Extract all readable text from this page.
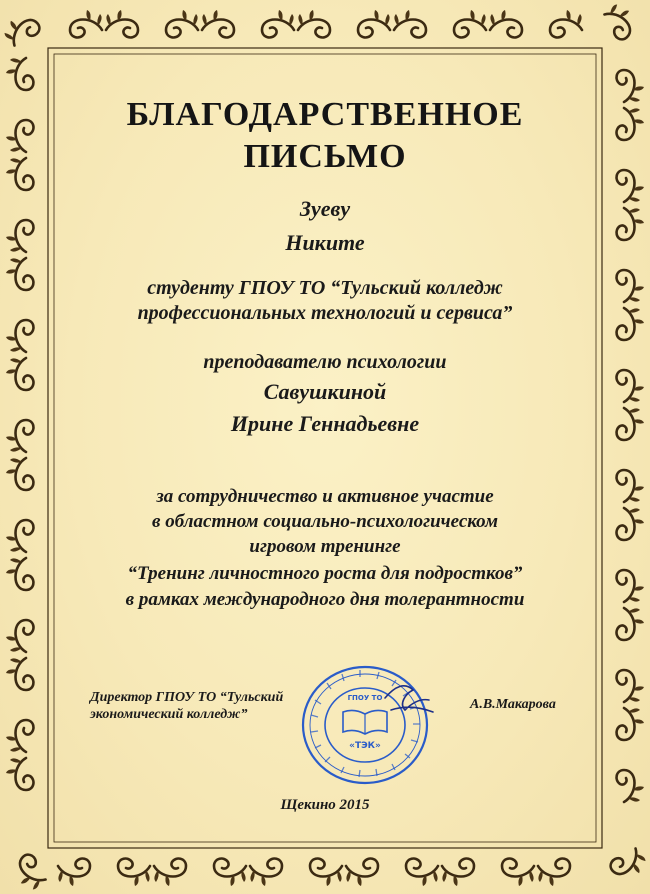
БЛАГОДАРСТВЕННОЕ
ПИСЬМО
Зуеву
Никите
студенту ГПОУ ТО “Тульский колледж
профессиональных технологий и сервиса”
преподавателю психологии
Савушкиной
Ирине Геннадьевне
за сотрудничество и активное участие
в областном социально-психологическом
игровом тренинге
“Тренинг личностного роста для подростков”
в рамках международного дня толерантности
Директор ГПОУ ТО “Тульский
экономический колледж”
А.В.Макарова
ГПОУ ТО
«ТЭК»
Щекино 2015
